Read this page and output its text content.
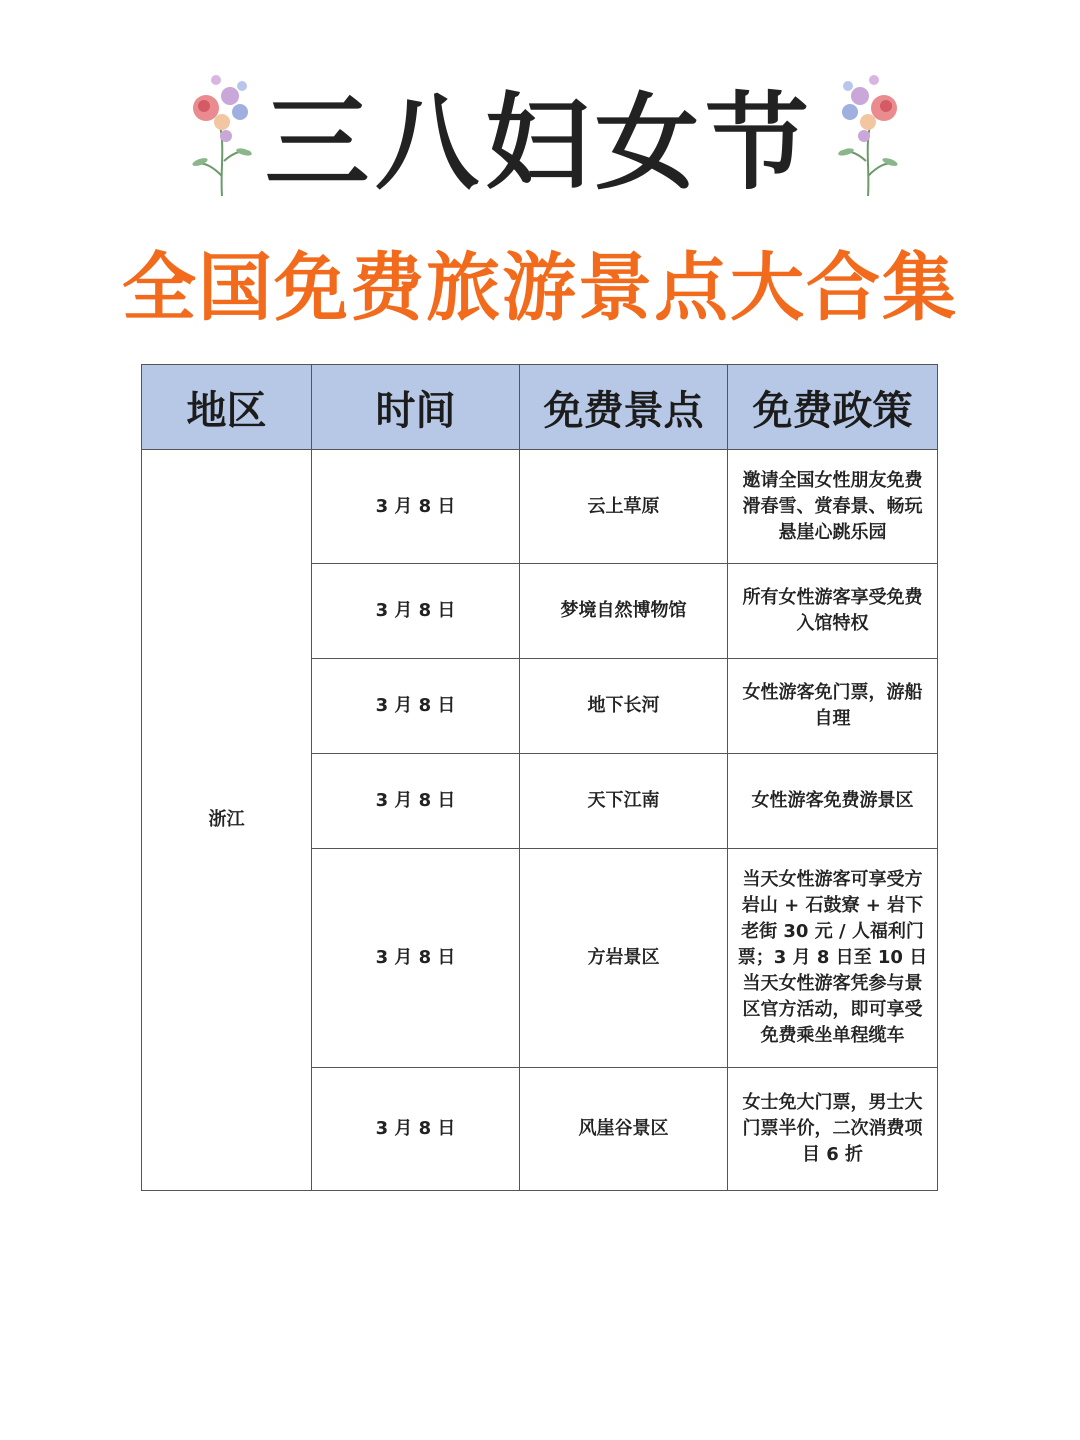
三八妇女节
全国免费旅游景点大合集
地区	时间	免费景点	免费政策
浙江	3 月 8 日	云上草原	邀请全国女性朋友免费滑春雪、赏春景、畅玩悬崖心跳乐园
	3 月 8 日	梦境自然博物馆	所有女性游客享受免费入馆特权
	3 月 8 日	地下长河	女性游客免门票，游船自理
	3 月 8 日	天下江南	女性游客免费游景区
	3 月 8 日	方岩景区	当天女性游客可享受方岩山 + 石鼓寮 + 岩下老街 30 元 / 人福利门票；3 月 8 日至 10 日当天女性游客凭参与景区官方活动，即可享受免费乘坐单程缆车
	3 月 8 日	风崖谷景区	女士免大门票，男士大门票半价，二次消费项目 6 折
